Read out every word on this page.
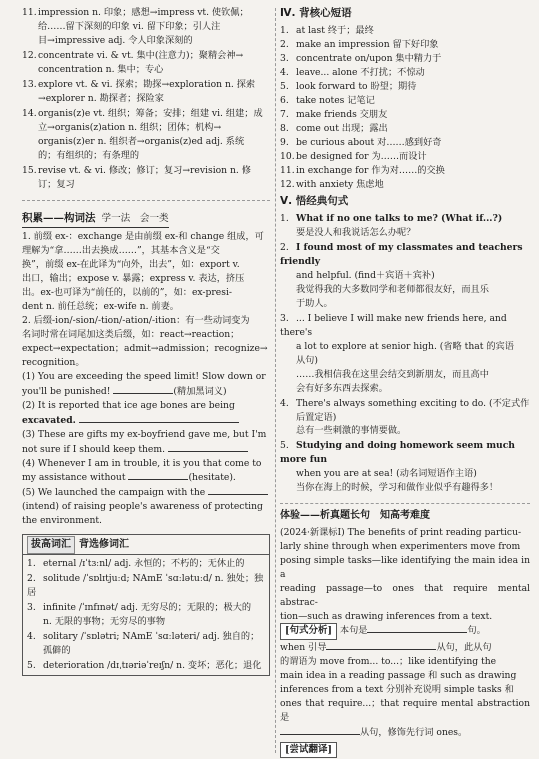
11.impression n. 印象；感想→impress vt. 使钦佩；
给……留下深刻的印象 vi. 留下印象；引人注
目→impressive adj. 令人印象深刻的
12.concentrate vi. & vt. 集中(注意力)；聚精会神→
concentration n. 集中；专心
13.explore vt. & vi. 探索；勘探→exploration n. 探索
→explorer n. 勘探者；探险家
14.organis(z)e vt. 组织；筹备；安排；组建 vi. 组建；成
立→organis(z)ation n. 组织；团体；机构→
organis(z)er n. 组织者→organis(z)ed adj. 系统
的；有组织的；有条理的
15.revise vt. & vi. 修改；修订；复习→revision n. 修
订；复习
积累——构词法 学一法　会一类

1. 前缀 ex-：exchange 是由前缀 ex-和 change 组成，可
理解为“拿……出去换成……”，其基本含义是“交
换”，前缀 ex-在此译为“向外，出去”，如：export v.
出口，输出；expose v. 暴露；express v. 表达，挤压
出。ex-也可译为“前任的，以前的”，如：ex-presi-
dent n. 前任总统；ex-wife n. 前妻。

2. 后缀-ion/-sion/-tion/-ation/-ition：有一些动词变为
名词时常在词尾加这类后缀，如：react→reaction；
expect→expectation；admit→admission；recognize→
recognition。

(1) You are exceeding the speed limit! Slow down or
you'll be punished!	(精加黑词义)

(2) It is reported that ice age bones are being
excavated.

(3) These are gifts my ex-boyfriend gave me, but I'm
not sure if I should keep them.

(4) Whenever I am in trouble, it is you that come to
my assistance without	(hesitate).

(5) We launched the campaign with the
(intend) of raising people's awareness of protecting
the environment.

拔高词汇 背选修词汇
1. eternal /ɪˈtɜːnl/ adj. 永恒的；不朽的；无休止的
2. solitude /ˈsɒlɪtjuːd; NAmE ˈsɑːlətuːd/ n. 独处；独居
3. infinite /ˈɪnfɪnət/ adj. 无穷尽的；无限的；极大的
n. 无限的事物；无穷尽的事物
4. solitary /ˈsɒlətri; NAmE ˈsɑːləteri/ adj. 独自的；
孤僻的
5. deterioration /dɪˌtɪəriəˈreɪʃn/ n. 变坏；恶化；退化
Ⅳ. 背核心短语
1. at last 终于；最终
2. make an impression 留下好印象
3. concentrate on/upon 集中精力于
4. leave... alone 不打扰；不惊动
5. look forward to 盼望；期待
6. take notes 记笔记
7. make friends 交朋友
8. come out 出现；露出
9. be curious about 对……感到好奇
10.be designed for 为……而设计
11.in exchange for 作为对……的交换
12.with anxiety 焦虑地
Ⅴ. 悟经典句式
1. What if no one talks to me? (What if...?)
要是没人和我说话怎么办呢？
2. I found most of my classmates and teachers friendly
and helpful. (find＋宾语＋宾补)
我觉得我的大多数同学和老师都很友好，而且乐
于助人。
3. ... I believe I will make new friends here, and there's
a lot to explore at senior high. (省略 that 的宾语
从句)
……我相信我在这里会结交到新朋友，而且高中
会有好多东西去探索。
4. There's always something exciting to do. (不定式作
后置定语)
总有一些刺激的事情要做。
5. Studying and doing homework seem much more fun
when you are at sea! (动名词短语作主语)
当你在海上的时候，学习和做作业似乎有趣得多！
体验——析真题长句　知高考难度

(2024·新课标Ⅰ) The benefits of print reading particu-
larly shine through when experimenters move from
posing simple tasks—like identifying the main idea in a
reading passage—to ones that require mental abstrac-
tion—such as drawing inferences from a text.

[句式分析] 本句是	句。
when 引导	从句，此从句
的谓语为 move from... to...；like identifying the
main idea in a reading passage 和 such as drawing
inferences from a text 分别补充说明 simple tasks 和
ones that require...；that require mental abstraction 是
从句，修饰先行词 ones。

[尝试翻译]
